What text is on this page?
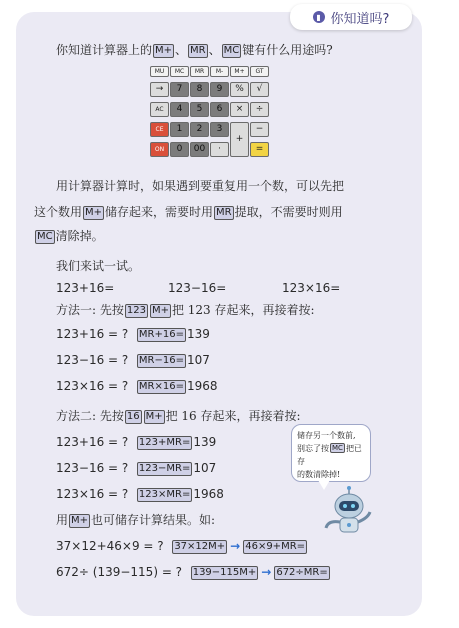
你知道计算器上的 M+ 、 MR 、 MC 键有什么用途吗?
MU	MC	MR	M-	M+	GT
→	7	8	9	%	√
AC	4	5	6	×	÷
CE	1	2	3
+
−
ON	0	00	·	=
用计算器计算时，如果遇到要重复用一个数，可以先把
这个数用 M+ 储存起来，需要时用 MR 提取，不需要时则用
MC 清除掉。
我们来试一试。
123+16=	123−16=	123×16=
方法一: 先按 123 M+ 把 123 存起来，再接着按:
123+16 = ? MR+16= 139
123−16 = ? MR−16= 107
123×16 = ? MR×16= 1968
方法二: 先按 16 M+ 把 16 存起来，再接着按:
123+16 = ? 123+MR= 139
123−16 = ? 123−MR= 107
123×16 = ? 123×MR= 1968
用 M+ 也可储存计算结果。如:
37×12+46×9 = ? 37×12M+ → 46×9+MR=
672÷ (139−115) = ? 139−115M+ → 672÷MR=
▮ 你知道吗?
储存另一个数前,
别忘了按 MC 把已存
的数清除掉!
